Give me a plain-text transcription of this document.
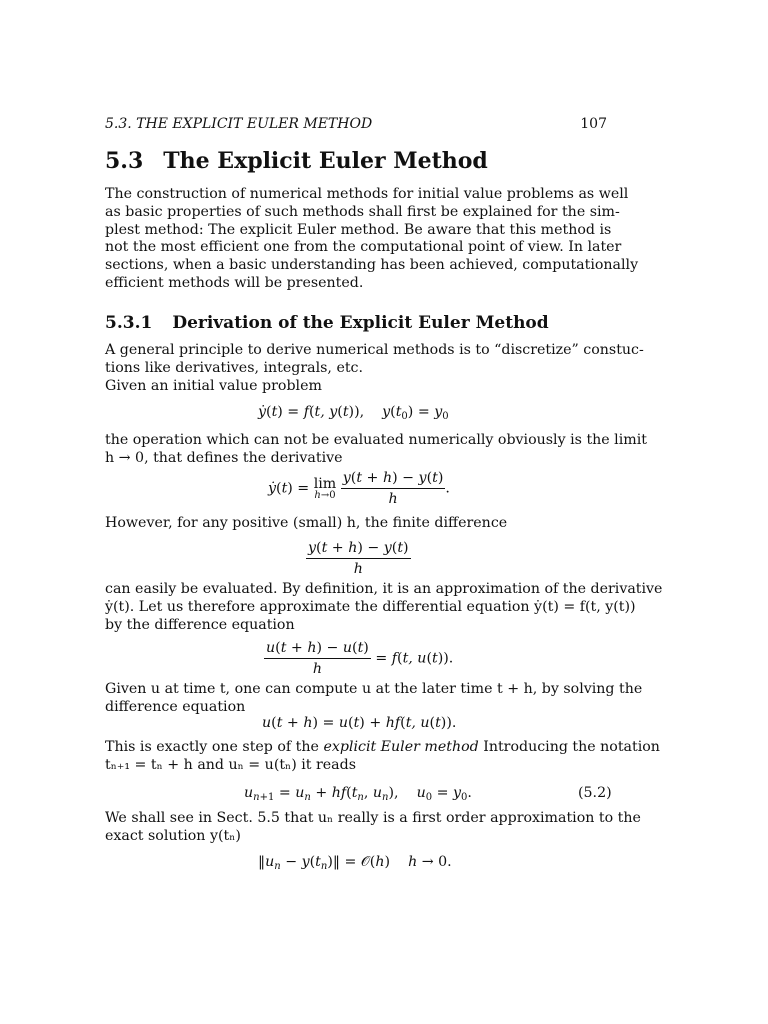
5.3. THE EXPLICIT EULER METHOD	107
5.3 The Explicit Euler Method
The construction of numerical methods for initial value problems as well
as basic properties of such methods shall first be explained for the sim-
plest method: The explicit Euler method. Be aware that this method is
not the most efficient one from the computational point of view. In later
sections, when a basic understanding has been achieved, computationally
efficient methods will be presented.
5.3.1 Derivation of the Explicit Euler Method
A general principle to derive numerical methods is to “discretize” constuc-
tions like derivatives, integrals, etc.
Given an initial value problem
ẏ(t) = f(t, y(t)),    $y(t_0) = y_0$
the operation which can not be evaluated numerically obviously is the limit
h → 0, that defines the derivative
ẏ(t) = lim
h→0
$\frac{y(t + h) - y(t)}{h}$ .
However, for any positive (small) h, the finite difference
$\frac{y(t + h) - y(t)}{h}$
can easily be evaluated. By definition, it is an approximation of the derivative
ẏ(t). Let us therefore approximate the differential equation ẏ(t) = f(t, y(t))
by the difference equation
$\frac{u(t + h) - u(t)}{h} = f(t$, u(t)).
Given u at time t, one can compute u at the later time t + h, by solving the
difference equation
u(t + h) = u(t) + hf(t, u(t)).
This is exactly one step of the explicit Euler method Introducing the notation
tₙ₊₁ = tₙ + h and uₙ = u(tₙ) it reads
$u_{n+1} = u_n + hf(t_n$, $u_n$),    $u_0 = y_0$.	(5.2)
We shall see in Sect. 5.5 that uₙ really is a first order approximation to the
exact solution y(tₙ)
$‖u_n$ − $y(t_n)‖$ = 𝒪(h)    h → 0.
